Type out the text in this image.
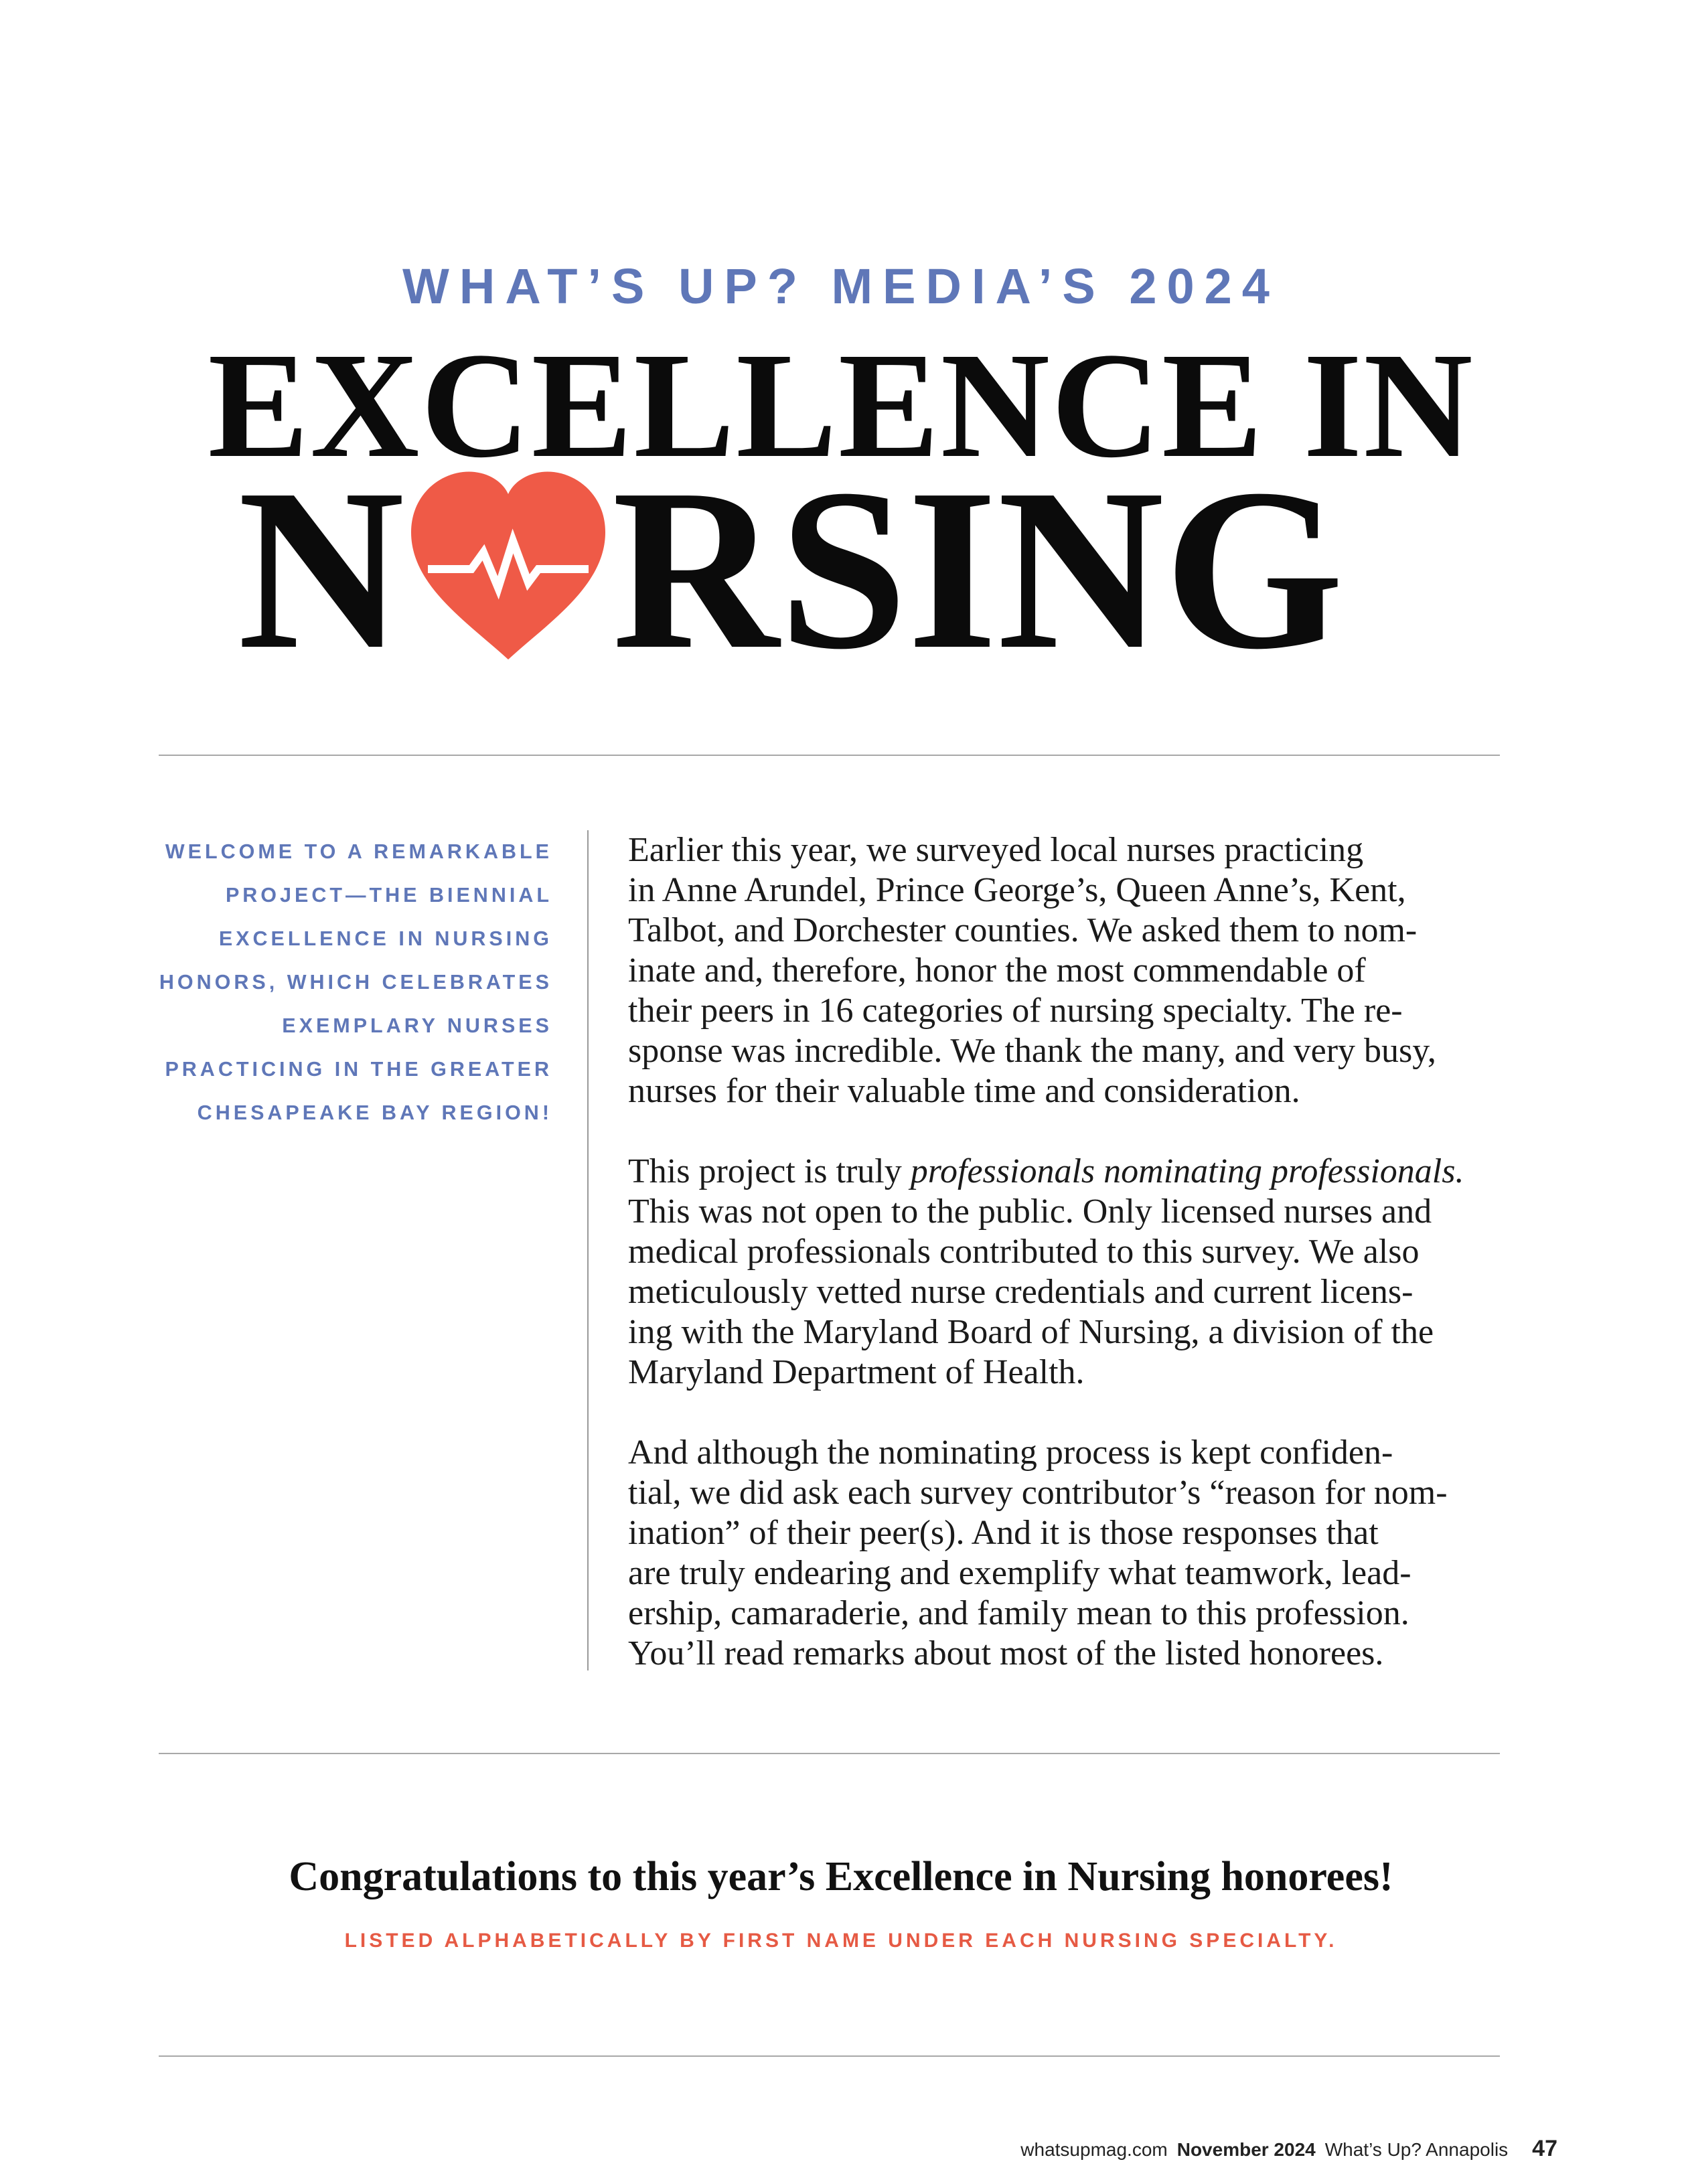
WHAT’S UP? MEDIA’S 2024
EXCELLENCE IN
N RSING
WELCOME TO A REMARKABLE
PROJECT—THE BIENNIAL
EXCELLENCE IN NURSING
HONORS, WHICH CELEBRATES
EXEMPLARY NURSES
PRACTICING IN THE GREATER
CHESAPEAKE BAY REGION!

Earlier this year, we surveyed local nurses practicing
in Anne Arundel, Prince George’s, Queen Anne’s, Kent,
Talbot, and Dorchester counties. We asked them to nom-
inate and, therefore, honor the most commendable of
their peers in 16 categories of nursing specialty. The re-
sponse was incredible. We thank the many, and very busy,
nurses for their valuable time and consideration.

This project is truly professionals nominating professionals.
This was not open to the public. Only licensed nurses and
medical professionals contributed to this survey. We also
meticulously vetted nurse credentials and current licens-
ing with the Maryland Board of Nursing, a division of the
Maryland Department of Health.

And although the nominating process is kept confiden-
tial, we did ask each survey contributor’s “reason for nom-
ination” of their peer(s). And it is those responses that
are truly endearing and exemplify what teamwork, lead-
ership, camaraderie, and family mean to this profession.
You’ll read remarks about most of the listed honorees.

Congratulations to this year’s Excellence in Nursing honorees!
LISTED ALPHABETICALLY BY FIRST NAME UNDER EACH NURSING SPECIALTY.
whatsupmag.com November 2024 What’s Up? Annapolis 47
